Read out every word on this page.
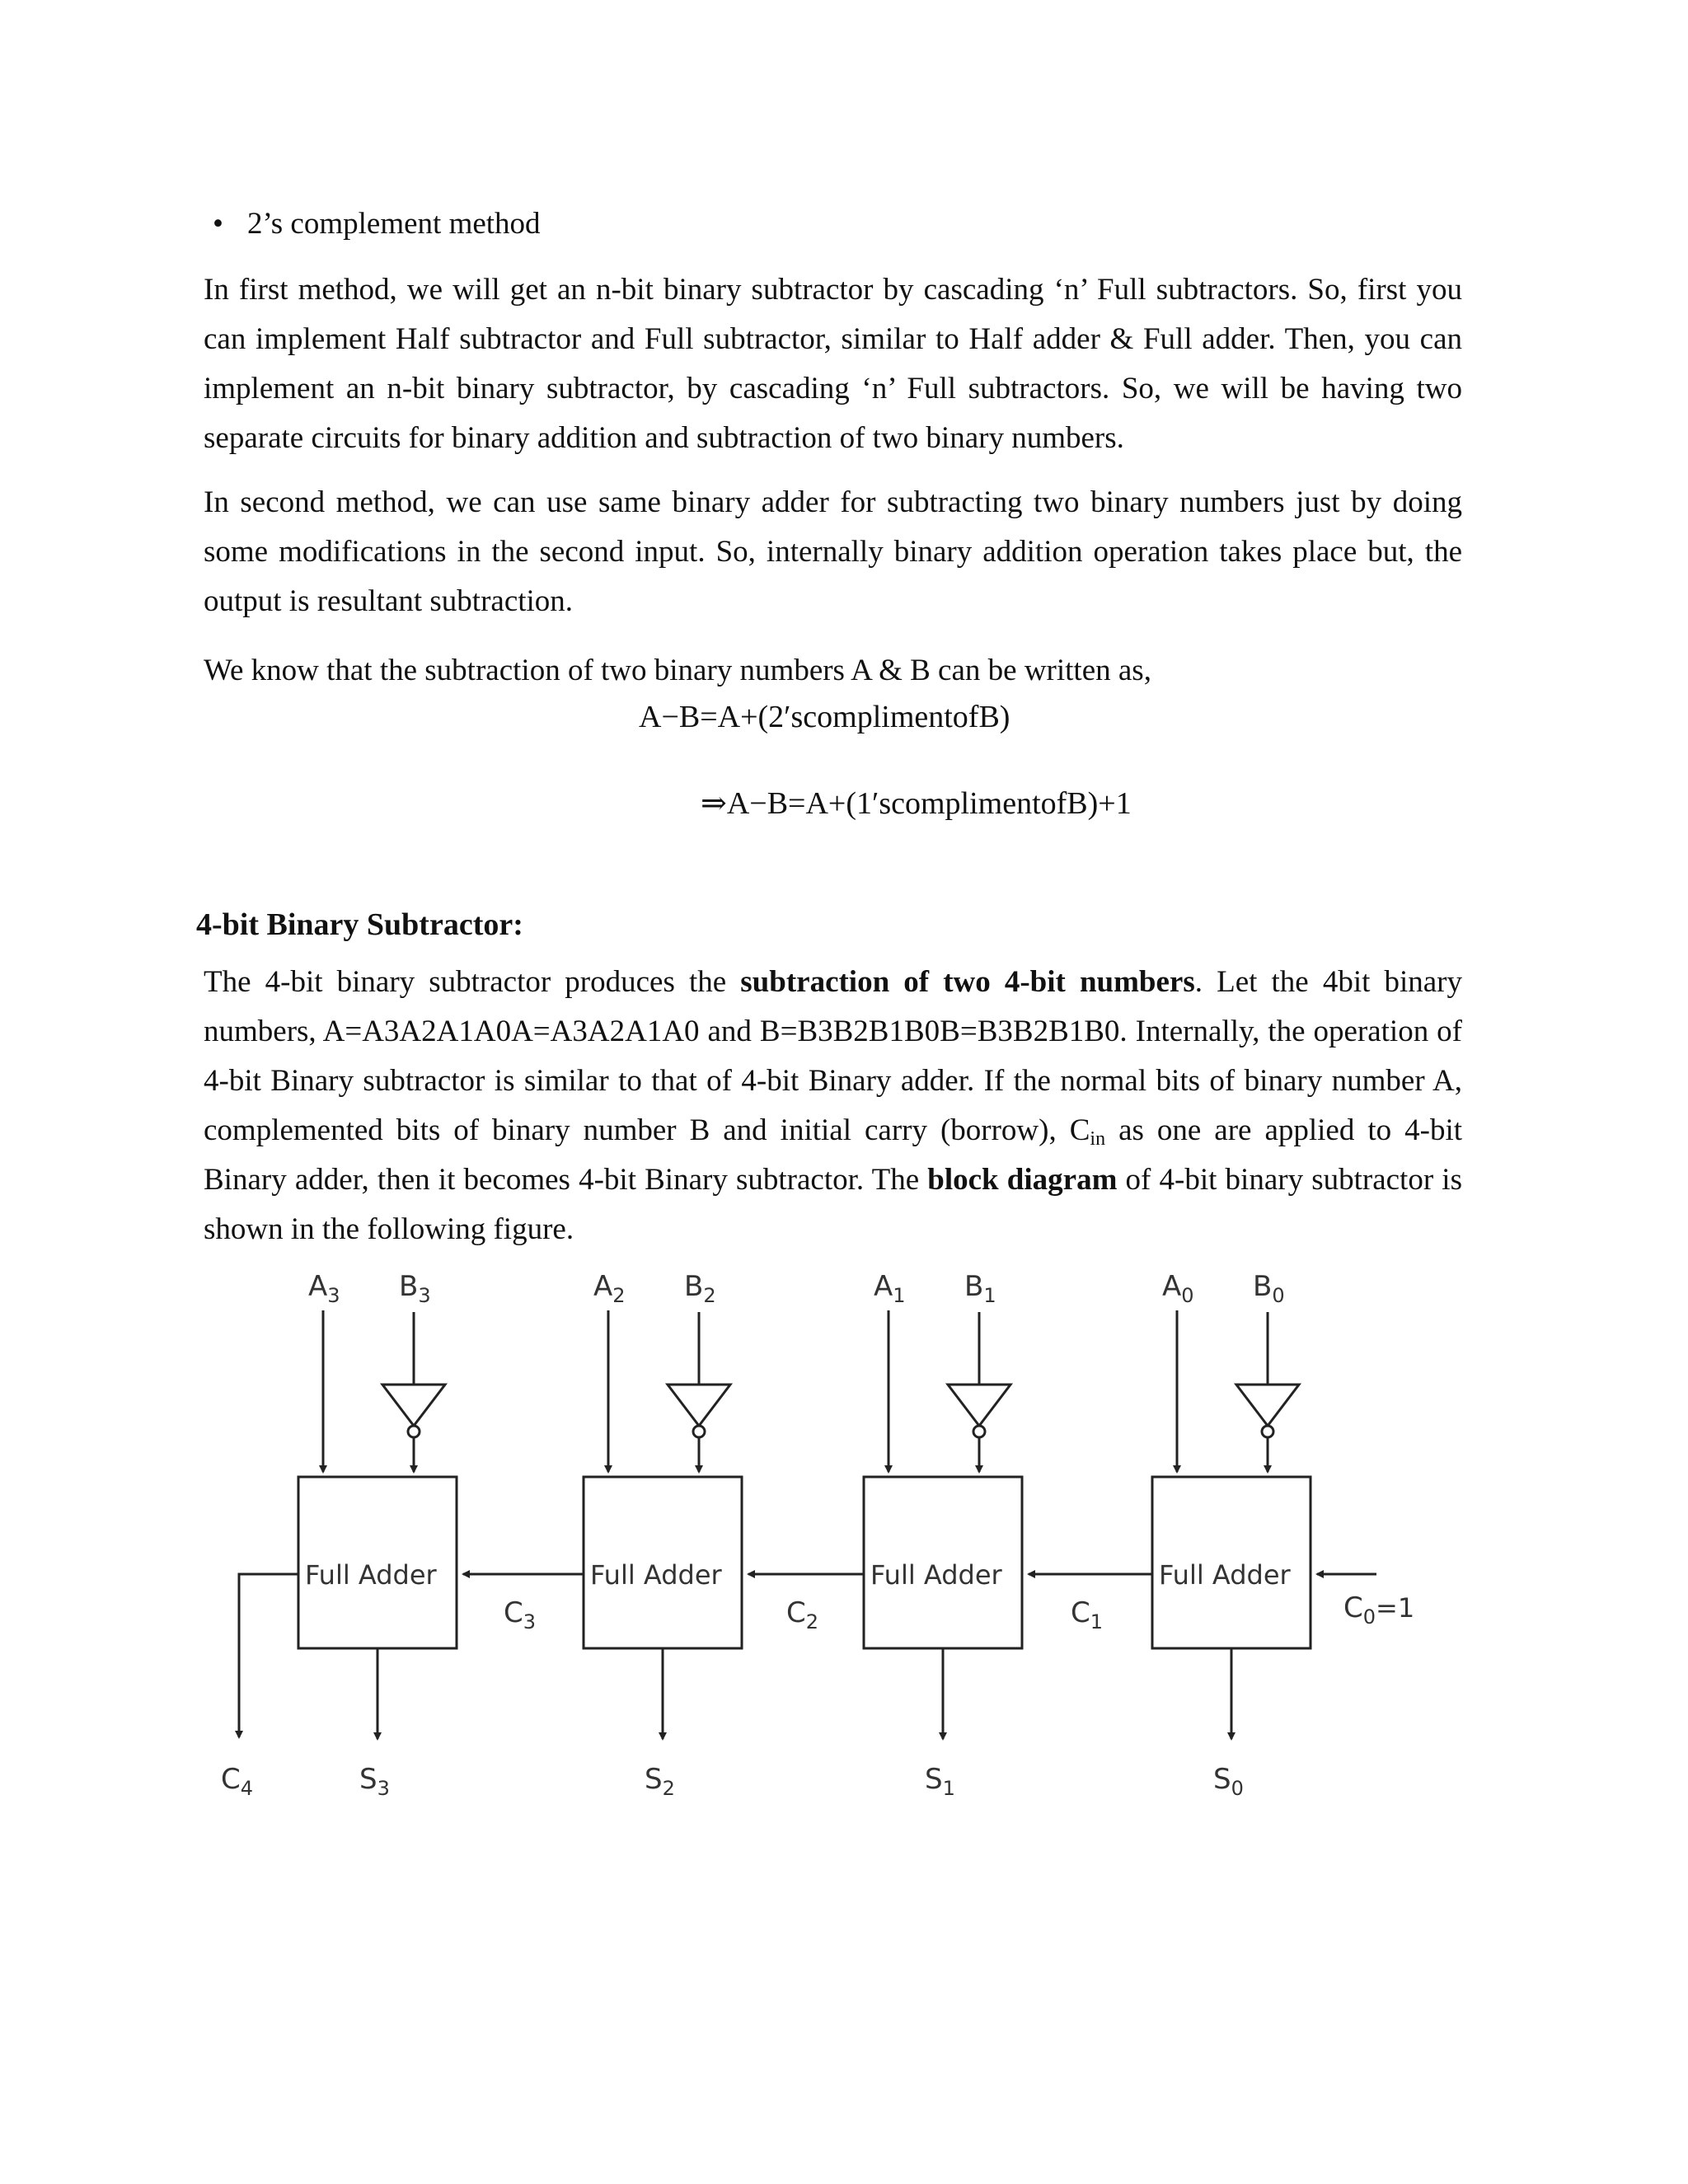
• 2’s complement method

In first method, we will get an n-bit binary subtractor by cascading ‘n’ Full subtractors. So, first you can implement Half subtractor and Full subtractor, similar to Half adder & Full adder. Then, you can implement an n-bit binary subtractor, by cascading ‘n’ Full subtractors. So, we will be having two separate circuits for binary addition and subtraction of two binary numbers.

In second method, we can use same binary adder for subtracting two binary numbers just by doing some modifications in the second input. So, internally binary addition operation takes place but, the output is resultant subtraction.

We know that the subtraction of two binary numbers A & B can be written as,

A−B=A+(2′scomplimentofB)
⇒A−B=A+(1′scomplimentofB)+1
4-bit Binary Subtractor:

The 4-bit binary subtractor produces the subtraction of two 4-bit numbers. Let the 4bit binary numbers, A=A3A2A1A0A=A3A2A1A0 and B=B3B2B1B0B=B3B2B1B0. Internally, the operation of 4-bit Binary subtractor is similar to that of 4-bit Binary adder. If the normal bits of binary number A, complemented bits of binary number B and initial carry (borrow), $C_{in}$ as one are applied to 4-bit Binary adder, then it becomes 4-bit Binary subtractor. The block diagram of 4-bit binary subtractor is shown in the following figure.

Full Adder
$A_3$ $B_3$
$S_3$
Full Adder
$A_2$ $B_2$
$S_2$
Full Adder
$A_1$ $B_1$
$S_1$
Full Adder
$A_0$ $B_0$
$S_0$
$C_3$	$C_2$	$C_1$	$C_0=1$
$C_4$
